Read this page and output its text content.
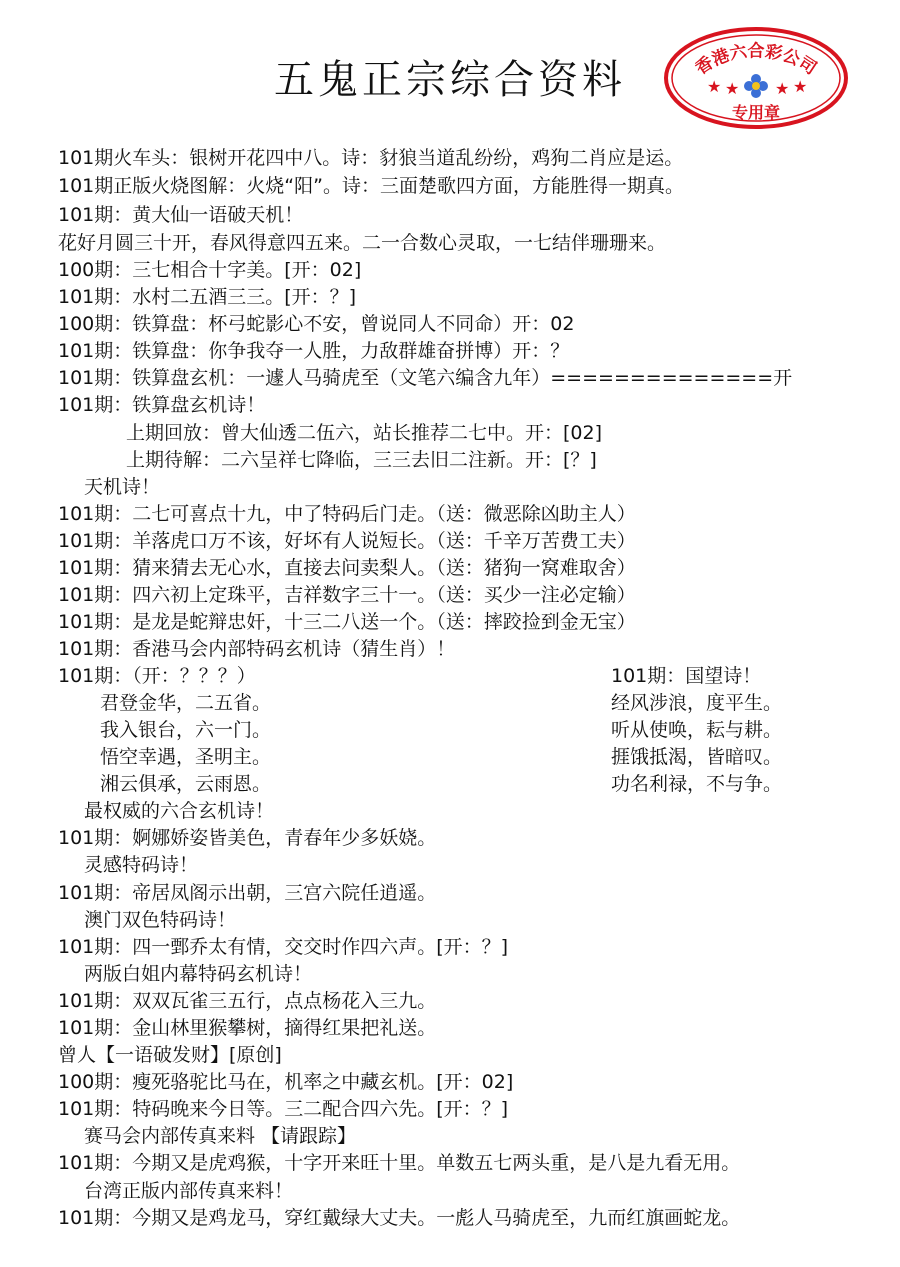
五鬼正宗综合资料	香港六合彩公司
★ ★ ★ ★
专用章
101期火车头：银树开花四中八。诗：豺狼当道乱纷纷，鸡狗二肖应是运。
101期正版火烧图解：火烧“阳”。诗：三面楚歌四方面，方能胜得一期真。
101期：黄大仙一语破天机！
花好月圆三十开，春风得意四五来。二一合数心灵取，一七结伴珊珊来。
100期：三七相合十字美。[开：02]
101期：水村二五酒三三。[开：？]
100期：铁算盘：杯弓蛇影心不安，曾说同人不同命）开：02
101期：铁算盘：你争我夺一人胜，力敌群雄奋拼博）开：？
101期：铁算盘玄机：一遽人马骑虎至（文笔六编含九年）==============开
101期：铁算盘玄机诗！
上期回放：曾大仙透二伍六，站长推荐二七中。开：[02]
上期待解：二六呈祥七降临，三三去旧二注新。开：[？]
天机诗！
101期：二七可喜点十九，中了特码后门走。（送：微恶除凶助主人）
101期：羊落虎口万不该，好坏有人说短长。（送：千辛万苦费工夫）
101期：猜来猜去无心水，直接去问卖梨人。（送：猪狗一窝难取舍）
101期：四六初上定珠平，吉祥数字三十一。（送：买少一注必定输）
101期：是龙是蛇辩忠奸，十三二八送一个。（送：摔跤捡到金无宝）
101期：香港马会内部特码玄机诗（猜生肖）！
101期：（开：？？？）
君登金华，二五省。
我入银台，六一门。
悟空幸遇，圣明主。
湘云俱承，云雨恩。
最权威的六合玄机诗！
101期：婀娜娇姿皆美色，青春年少多妖娆。
灵感特码诗！
101期：帝居凤阁示出朝，三宫六院任逍遥。
澳门双色特码诗！
101期：四一鄄乔太有情，交交时作四六声。[开：？]
两版白姐内幕特码玄机诗！
101期：双双瓦雀三五行，点点杨花入三九。
101期：金山林里猴攀树，摘得红果把礼送。
曾人【一语破发财】[原创]
100期：瘦死骆驼比马在，机率之中藏玄机。[开：02]
101期：特码晚来今日等。三二配合四六先。[开：？]
赛马会内部传真来料 【请跟踪】
101期：今期又是虎鸡猴，十字开来旺十里。单数五七两头重，是八是九看无用。
台湾正版内部传真来料！
101期：今期又是鸡龙马，穿红戴绿大丈夫。一彪人马骑虎至，九而红旗画蛇龙。
101期：国望诗！
经风涉浪，度平生。
听从使唤，耘与耕。
捱饿抵渴，皆暗叹。
功名利禄，不与争。
